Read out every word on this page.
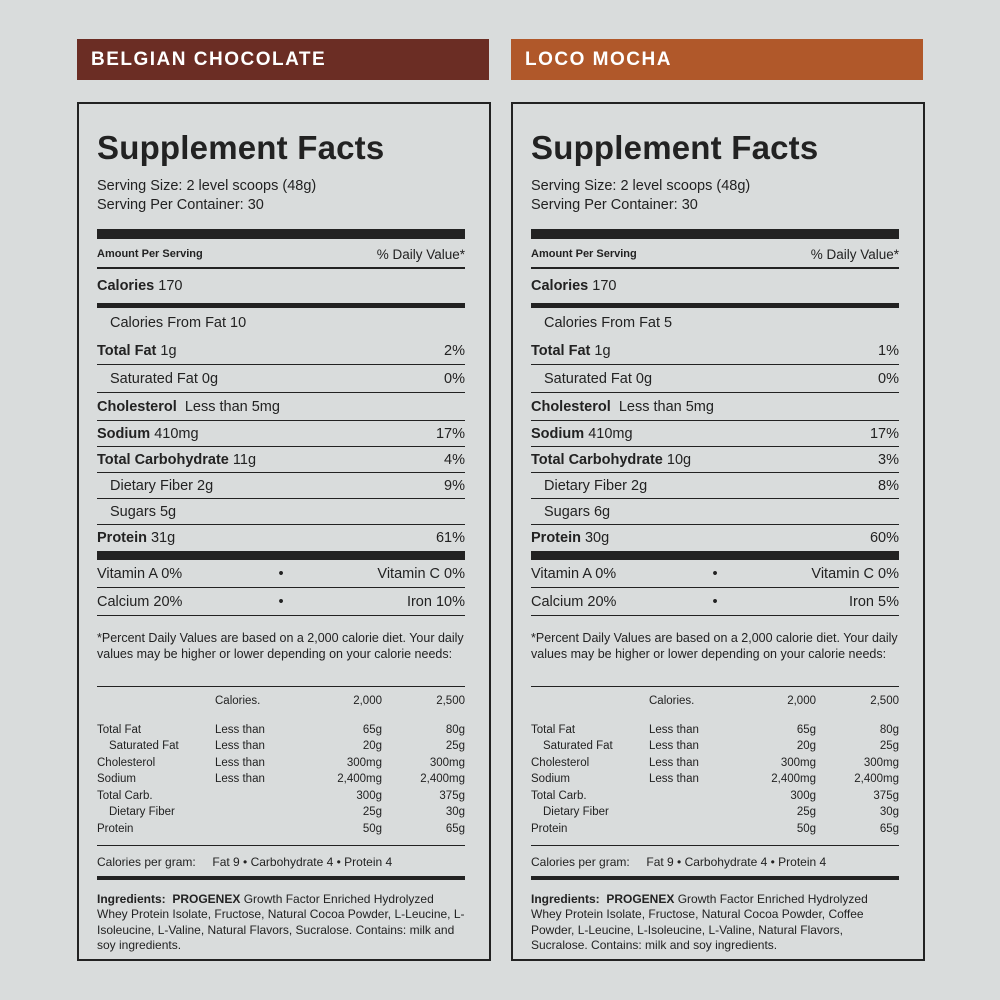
BELGIAN CHOCOLATE
Supplement Facts
Serving Size: 2 level scoops (48g)
Serving Per Container: 30
Amount Per Serving	% Daily Value*
Calories 170
Calories From Fat 10
Total Fat 1g	2%
Saturated Fat 0g	0%
Cholesterol Less than 5mg
Sodium 410mg	17%
Total Carbohydrate 11g	4%
Dietary Fiber 2g	9%
Sugars 5g
Protein 31g	61%
Vitamin A 0%	•	Vitamin C 0%
Calcium 20%	•	Iron 10%
*Percent Daily Values are based on a 2,000 calorie diet. Your daily values may be higher or lower depending on your calorie needs:
	Calories.	2,000	2,500

Total Fat	Less than	65g	80g
Saturated Fat	Less than	20g	25g
Cholesterol	Less than	300mg	300mg
Sodium	Less than	2,400mg	2,400mg
Total Carb.		300g	375g
Dietary Fiber		25g	30g
Protein		50g	65g
Calories per gram: Fat 9 • Carbohydrate 4 • Protein 4
Ingredients: PROGENEX Growth Factor Enriched Hydrolyzed Whey Protein Isolate, Fructose, Natural Cocoa Powder, L-Leucine, L-Isoleucine, L-Valine, Natural Flavors, Sucralose. Contains: milk and soy ingredients.
LOCO MOCHA
Supplement Facts
Serving Size: 2 level scoops (48g)
Serving Per Container: 30
Amount Per Serving	% Daily Value*
Calories 170
Calories From Fat 5
Total Fat 1g	1%
Saturated Fat 0g	0%
Cholesterol Less than 5mg
Sodium 410mg	17%
Total Carbohydrate 10g	3%
Dietary Fiber 2g	8%
Sugars 6g
Protein 30g	60%
Vitamin A 0%	•	Vitamin C 0%
Calcium 20%	•	Iron 5%
*Percent Daily Values are based on a 2,000 calorie diet. Your daily values may be higher or lower depending on your calorie needs:
	Calories.	2,000	2,500

Total Fat	Less than	65g	80g
Saturated Fat	Less than	20g	25g
Cholesterol	Less than	300mg	300mg
Sodium	Less than	2,400mg	2,400mg
Total Carb.		300g	375g
Dietary Fiber		25g	30g
Protein		50g	65g
Calories per gram: Fat 9 • Carbohydrate 4 • Protein 4
Ingredients: PROGENEX Growth Factor Enriched Hydrolyzed Whey Protein Isolate, Fructose, Natural Cocoa Powder, Coffee Powder, L-Leucine, L-Isoleucine, L-Valine, Natural Flavors, Sucralose. Contains: milk and soy ingredients.
